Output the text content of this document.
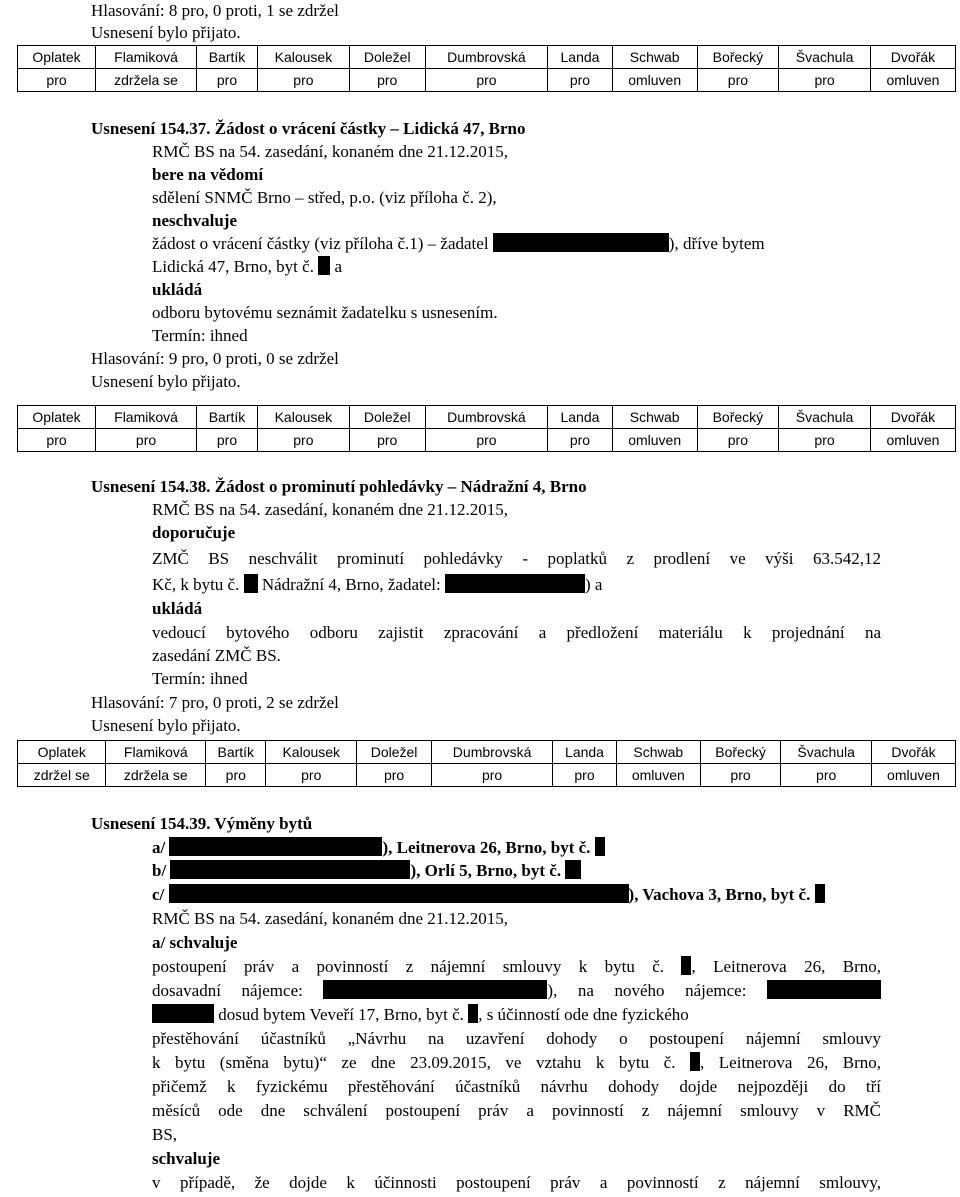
Hlasování: 8 pro, 0 proti, 1 se zdržel
Usnesení bylo přijato.
Oplatek	Flamiková	Bartík	Kalousek	Doležel	Dumbrovská	Landa	Schwab	Bořecký	Švachula	Dvořák
pro	zdržela se	pro	pro	pro	pro	pro	omluven	pro	pro	omluven
Usnesení 154.37. Žádost o vrácení částky – Lidická 47, Brno
RMČ BS na 54. zasedání, konaném dne 21.12.2015,
bere na vědomí
sdělení SNMČ Brno – střed, p.o. (viz příloha č. 2),
neschvaluje
žádost o vrácení částky (viz příloha č.1) – žadatel	), dříve bytem
Lidická 47, Brno, byt č. a
ukládá
odboru bytovému seznámit žadatelku s usnesením.
Termín: ihned
Hlasování: 9 pro, 0 proti, 0 se zdržel
Usnesení bylo přijato.
Oplatek	Flamiková	Bartík	Kalousek	Doležel	Dumbrovská	Landa	Schwab	Bořecký	Švachula	Dvořák
pro	pro	pro	pro	pro	pro	pro	omluven	pro	pro	omluven
Usnesení 154.38. Žádost o prominutí pohledávky – Nádražní 4, Brno
RMČ BS na 54. zasedání, konaném dne 21.12.2015,
doporučuje
ZMČ BS neschválit prominutí pohledávky - poplatků z prodlení ve výši 63.542,12
Kč, k bytu č. Nádražní 4, Brno, žadatel:	) a
ukládá
vedoucí bytového odboru zajistit zpracování a předložení materiálu k projednání na
zasedání ZMČ BS.
Termín: ihned
Hlasování: 7 pro, 0 proti, 2 se zdržel
Usnesení bylo přijato.
Oplatek	Flamiková	Bartík	Kalousek	Doležel	Dumbrovská	Landa	Schwab	Bořecký	Švachula	Dvořák
zdržel se	zdržela se	pro	pro	pro	pro	pro	omluven	pro	pro	omluven
Usnesení 154.39. Výměny bytů
a/	), Leitnerova 26, Brno, byt č.
b/	), Orlí 5, Brno, byt č.
c/	), Vachova 3, Brno, byt č.
RMČ BS na 54. zasedání, konaném dne 21.12.2015,
a/ schvaluje
postoupení práv a povinností z nájemní smlouvy k bytu č. , Leitnerova 26, Brno,
dosavadní nájemce:	), na nového nájemce:
dosud bytem Veveří 17, Brno, byt č. , s účinností ode dne fyzického
přestěhování účastníků „Návrhu na uzavření dohody o postoupení nájemní smlouvy
k bytu (směna bytu)“ ze dne 23.09.2015, ve vztahu k bytu č. , Leitnerova 26, Brno,
přičemž k fyzickému přestěhování účastníků návrhu dohody dojde nejpozději do tří
měsíců ode dne schválení postoupení práv a povinností z nájemní smlouvy v RMČ
BS,
schvaluje
v případě, že dojde k účinnosti postoupení práv a povinností z nájemní smlouvy,
